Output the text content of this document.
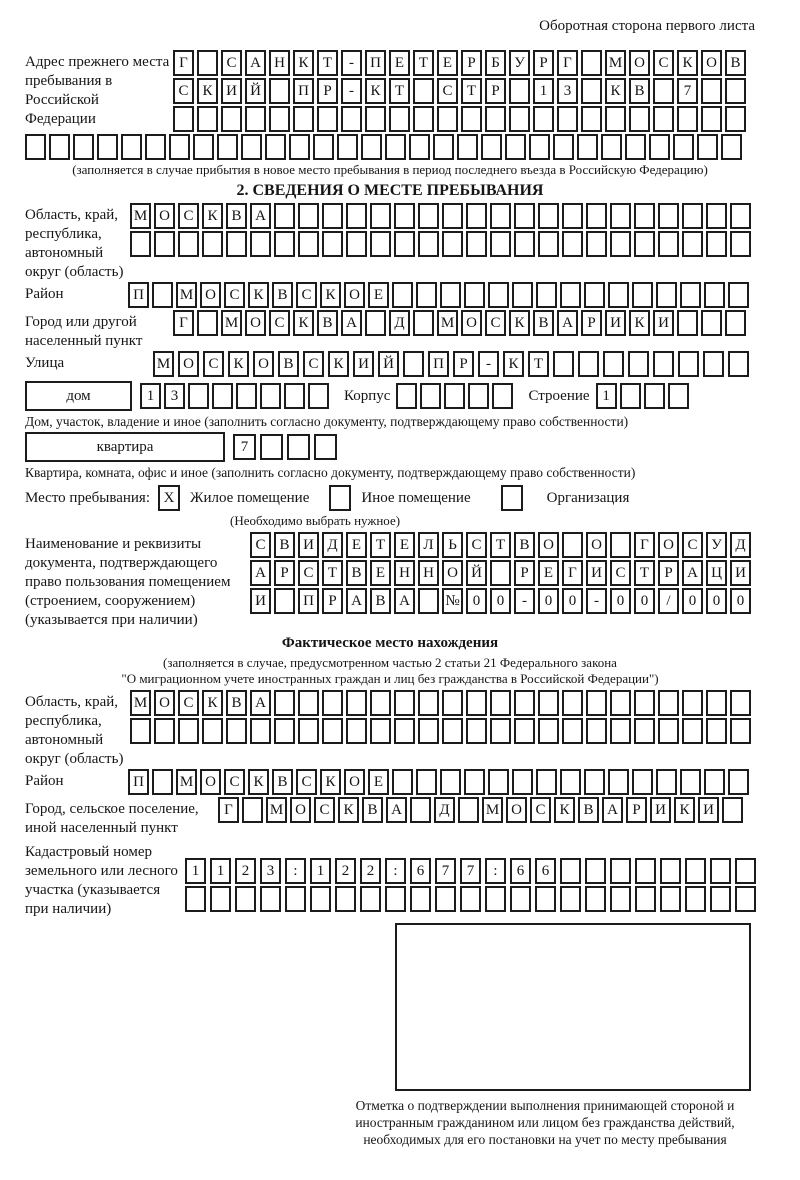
Оборотная сторона первого листа
Адрес прежнего места пребывания в Российской Федерации
Г	С А Н К Т - П Е Т Е Р Б У Р Г М О С К О В
С К И Й П Р - К Т	С Т Р	1 3	К В	7
(заполняется в случае прибытия в новое место пребывания в период последнего въезда в Российскую Федерацию)
2. СВЕДЕНИЯ О МЕСТЕ ПРЕБЫВАНИЯ
Область, край, республика, автономный округ (область)
М О С К В А
Район	П М О С К В С К О Е
Город или другой населенный пункт
Г М О С К В А Д М О С К В А Р И К И
Улица	М О С К О В С К И Й	П Р - К Т
дом	1 3	Корпус	Строение 1
Дом, участок, владение и иное (заполнить согласно документу, подтверждающему право собственности)
квартира	7
Квартира, комната, офис и иное (заполнить согласно документу, подтверждающему право собственности)
Место пребывания: X	Жилое помещение	Иное помещение	Организация
(Необходимо выбрать нужное)
Наименование и реквизиты документа, подтверждающего право пользования помещением (строением, сооружением) (указывается при наличии)
С В И Д Е Т Е Л Ь С Т В О О	Г О С У Д
А Р С Т В Е Н Н О Й	Р Е Г И С Т Р А Ц И
И П Р А В А № 0 0 - 0 0 - 0 0 / 0 0 0
Фактическое место нахождения
(заполняется в случае, предусмотренном частью 2 статьи 21 Федерального закона
"О миграционном учете иностранных граждан и лиц без гражданства в Российской Федерации")
Область, край, республика, автономный округ (область)
М О С К В А
Район	П М О С К В С К О Е
Город, сельское поселение, иной населенный пункт
Г М О С К В А Д М О С К В А Р И К И
Кадастровый номер земельного или лесного участка (указывается при наличии)
1 1 2 3 : 1 2 2 : 6 7 7 : 6 6
Отметка о подтверждении выполнения принимающей стороной и иностранным гражданином или лицом без гражданства действий, необходимых для его постановки на учет по месту пребывания
